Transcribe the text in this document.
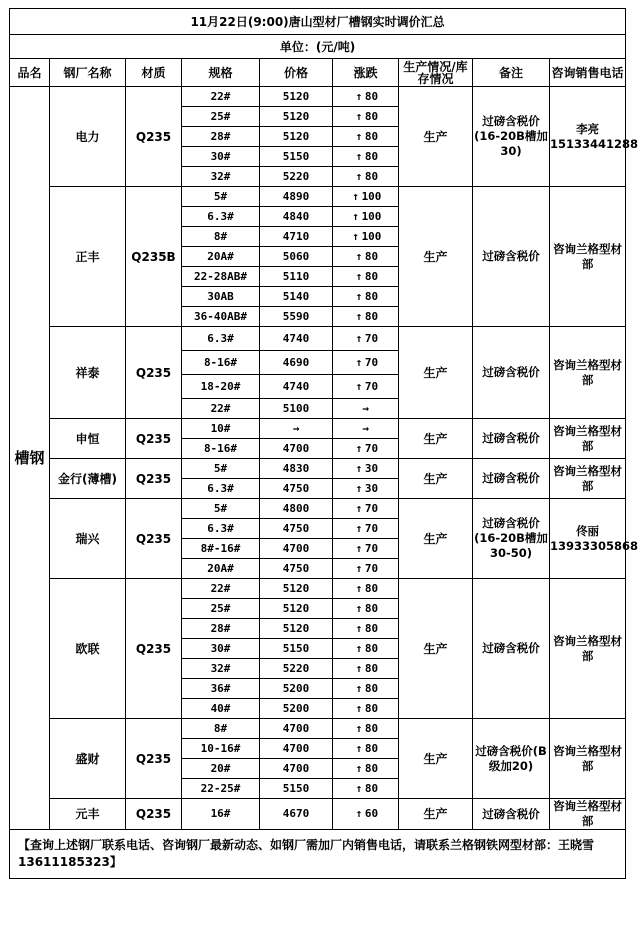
11月22日(9:00)唐山型材厂槽钢实时调价汇总								
单位：(元/吨)								
品名	钢厂名称	材质	规格	价格	涨跌	生产情况/库存情况	备注	咨询销售电话
槽钢	电力	Q235	22#	5120	↑ 80	生产	过磅含税价(16-20B槽加30)	李亮 15133441288
			25#	5120	↑ 80			
			28#	5120	↑ 80			
			30#	5150	↑ 80			
			32#	5220	↑ 80			
	正丰	Q235B	5#	4890	↑ 100	生产	过磅含税价	咨询兰格型材部
			6.3#	4840	↑ 100			
			8#	4710	↑ 100			
			20A#	5060	↑ 80			
			22-28AB#	5110	↑ 80			
			30AB	5140	↑ 80			
			36-40AB#	5590	↑ 80			
	祥泰	Q235	6.3#	4740	↑ 70	生产	过磅含税价	咨询兰格型材部
			8-16#	4690	↑ 70			
			18-20#	4740	↑ 70			
			22#	5100	→			
	申恒	Q235	10#	→	→	生产	过磅含税价	咨询兰格型材部
			8-16#	4700	↑ 70			
	金行(薄槽)	Q235	5#	4830	↑ 30	生产	过磅含税价	咨询兰格型材部
			6.3#	4750	↑ 30			
	瑞兴	Q235	5#	4800	↑ 70	生产	过磅含税价(16-20B槽加30-50)	佟丽 13933305868
			6.3#	4750	↑ 70			
			8#-16#	4700	↑ 70			
			20A#	4750	↑ 70			
	欧联	Q235	22#	5120	↑ 80	生产	过磅含税价	咨询兰格型材部
			25#	5120	↑ 80			
			28#	5120	↑ 80			
			30#	5150	↑ 80			
			32#	5220	↑ 80			
			36#	5200	↑ 80			
			40#	5200	↑ 80			
	盛财	Q235	8#	4700	↑ 80	生产	过磅含税价(B级加20)	咨询兰格型材部
			10-16#	4700	↑ 80			
			20#	4700	↑ 80			
			22-25#	5150	↑ 80			
	元丰	Q235	16#	4670	↑ 60	生产	过磅含税价	咨询兰格型材部
【查询上述钢厂联系电话、咨询钢厂最新动态、如钢厂需加厂内销售电话，请联系兰格钢铁网型材部：王晓雪13611185323】								
